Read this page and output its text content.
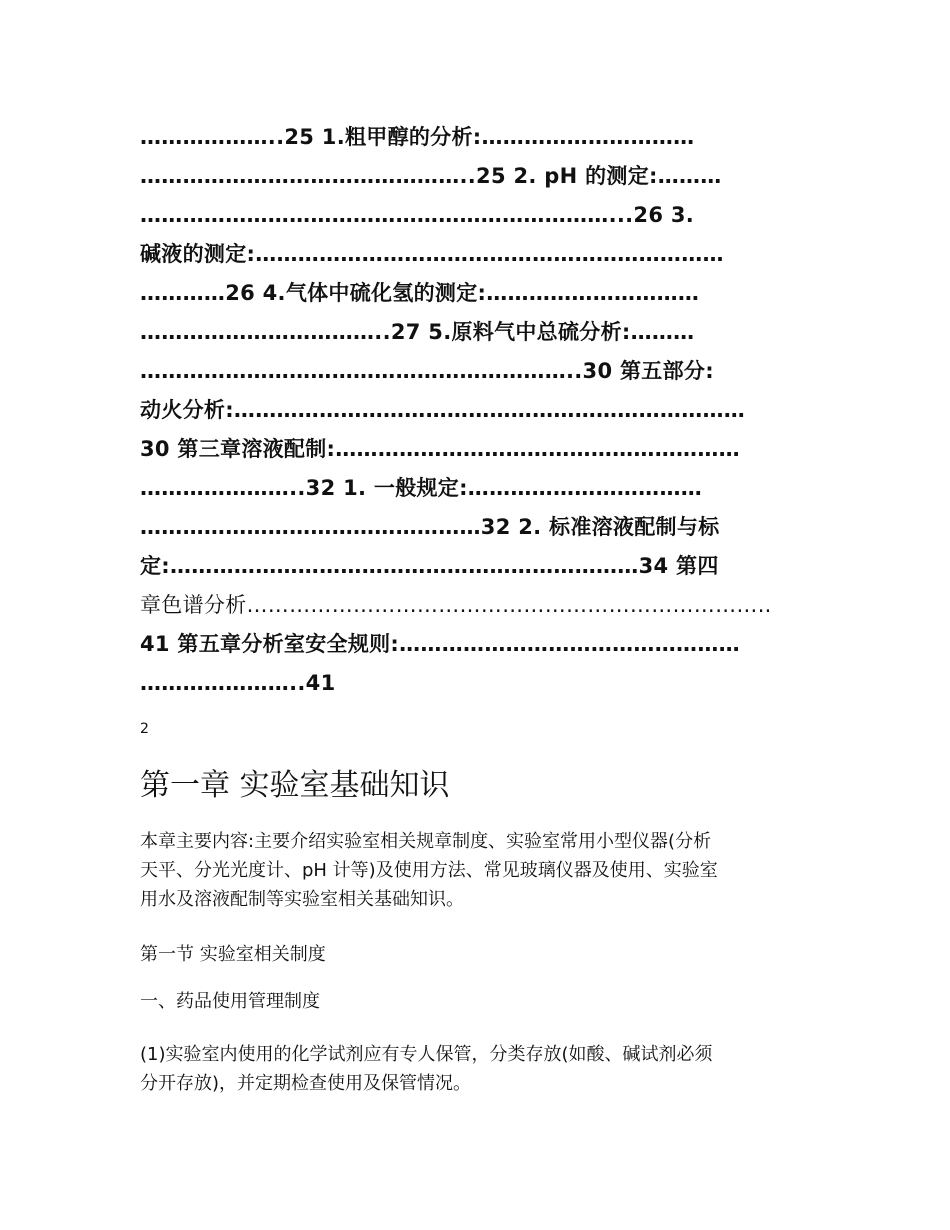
………………..25 1.粗甲醇的分析:…………………………
………………………………………..25 2. pH 的测定:………
…………………………………………………………...26 3.
碱液的测定:…………………………………………………………
…………26 4.气体中硫化氢的测定:…………………………
……………………………..27 5.原料气中总硫分析:………
……………………………………………………..30 第五部分:
动火分析:………………………………………………………………
30 第三章溶液配制:…………………………………………………
…………………..32 1. 一般规定:……………………………
…………………………………………32 2. 标准溶液配制与标
定:…………………………………………………………34 第四
章色谱分析………………………………………………………………..
41 第五章分析室安全规则:…………………………………………
…………………..41
2
第一章 实验室基础知识

本章主要内容:主要介绍实验室相关规章制度、实验室常用小型仪器(分析

天平、分光光度计、pH 计等)及使用方法、常见玻璃仪器及使用、实验室

用水及溶液配制等实验室相关基础知识。

第一节 实验室相关制度

一、药品使用管理制度

(1)实验室内使用的化学试剂应有专人保管，分类存放(如酸、碱试剂必须

分开存放)，并定期检查使用及保管情况。
